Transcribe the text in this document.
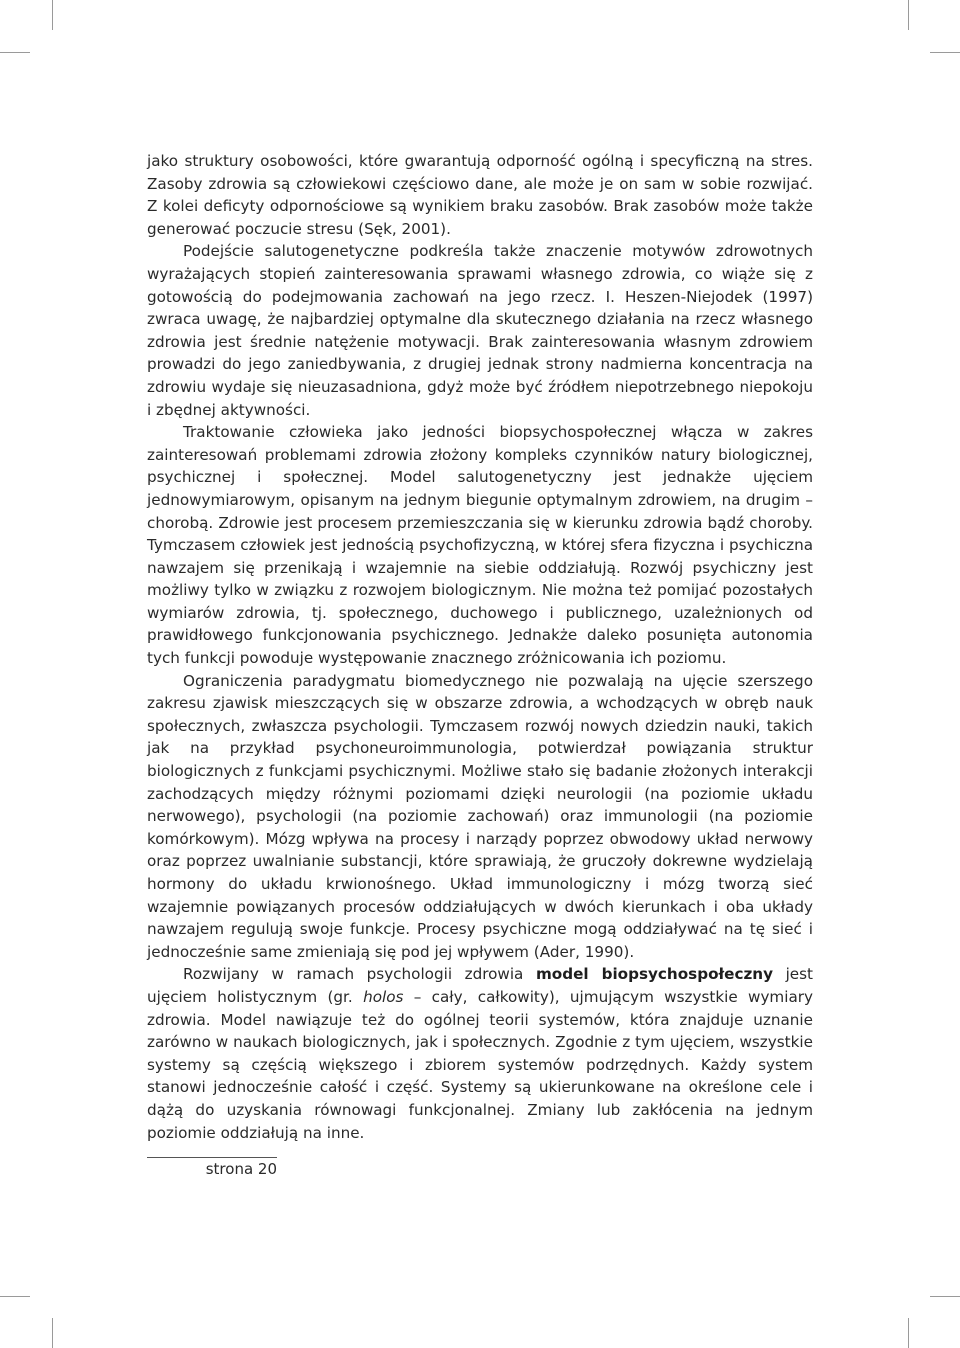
jako struktury osobowości, które gwarantują odporność ogólną i specyficzną na stres. Zasoby zdrowia są człowiekowi częściowo dane, ale może je on sam w sobie rozwijać. Z kolei deficyty odpornościowe są wynikiem braku zasobów. Brak zasobów może także generować poczucie stresu (Sęk, 2001).

Podejście salutogenetyczne podkreśla także znaczenie motywów zdrowotnych wyrażających stopień zainteresowania sprawami własnego zdrowia, co wiąże się z gotowością do podejmowania zachowań na jego rzecz. I. Heszen-Niejodek (1997) zwraca uwagę, że najbardziej optymalne dla skutecznego działania na rzecz własnego zdrowia jest średnie natężenie motywacji. Brak zainteresowania własnym zdrowiem prowadzi do jego zaniedbywania, z drugiej jednak strony nadmierna koncentracja na zdrowiu wydaje się nieuzasadniona, gdyż może być źródłem niepotrzebnego niepokoju i zbędnej aktywności.

Traktowanie człowieka jako jedności biopsychospołecznej włącza w zakres zainteresowań problemami zdrowia złożony kompleks czynników natury biologicznej, psychicznej i społecznej. Model salutogenetyczny jest jednakże ujęciem jednowymiarowym, opisanym na jednym biegunie optymalnym zdrowiem, na drugim – chorobą. Zdrowie jest procesem przemieszczania się w kierunku zdrowia bądź choroby. Tymczasem człowiek jest jednością psychofizyczną, w której sfera fizyczna i psychiczna nawzajem się przenikają i wzajemnie na siebie oddziałują. Rozwój psychiczny jest możliwy tylko w związku z rozwojem biologicznym. Nie można też pomijać pozostałych wymiarów zdrowia, tj. społecznego, duchowego i publicznego, uzależnionych od prawidłowego funkcjonowania psychicznego. Jednakże daleko posunięta autonomia tych funkcji powoduje występowanie znacznego zróżnicowania ich poziomu.

Ograniczenia paradygmatu biomedycznego nie pozwalają na ujęcie szerszego zakresu zjawisk mieszczących się w obszarze zdrowia, a wchodzących w obręb nauk społecznych, zwłaszcza psychologii. Tymczasem rozwój nowych dziedzin nauki, takich jak na przykład psychoneuroimmunologia, potwierdzał powiązania struktur biologicznych z funkcjami psychicznymi. Możliwe stało się badanie złożonych interakcji zachodzących między różnymi poziomami dzięki neurologii (na poziomie układu nerwowego), psychologii (na poziomie zachowań) oraz immunologii (na poziomie komórkowym). Mózg wpływa na procesy i narządy poprzez obwodowy układ nerwowy oraz poprzez uwalnianie substancji, które sprawiają, że gruczoły dokrewne wydzielają hormony do układu krwionośnego. Układ immunologiczny i mózg tworzą sieć wzajemnie powiązanych procesów oddziałujących w dwóch kierunkach i oba układy nawzajem regulują swoje funkcje. Procesy psychiczne mogą oddziaływać na tę sieć i jednocześnie same zmieniają się pod jej wpływem (Ader, 1990).

Rozwijany w ramach psychologii zdrowia model biopsychospołeczny jest ujęciem holistycznym (gr. holos – cały, całkowity), ujmującym wszystkie wymiary zdrowia. Model nawiązuje też do ogólnej teorii systemów, która znajduje uznanie zarówno w naukach biologicznych, jak i społecznych. Zgodnie z tym ujęciem, wszystkie systemy są częścią większego i zbiorem systemów podrzędnych. Każdy system stanowi jednocześnie całość i część. Systemy są ukierunkowane na określone cele i dążą do uzyskania równowagi funkcjonalnej. Zmiany lub zakłócenia na jednym poziomie oddziałują na inne.

strona 20
